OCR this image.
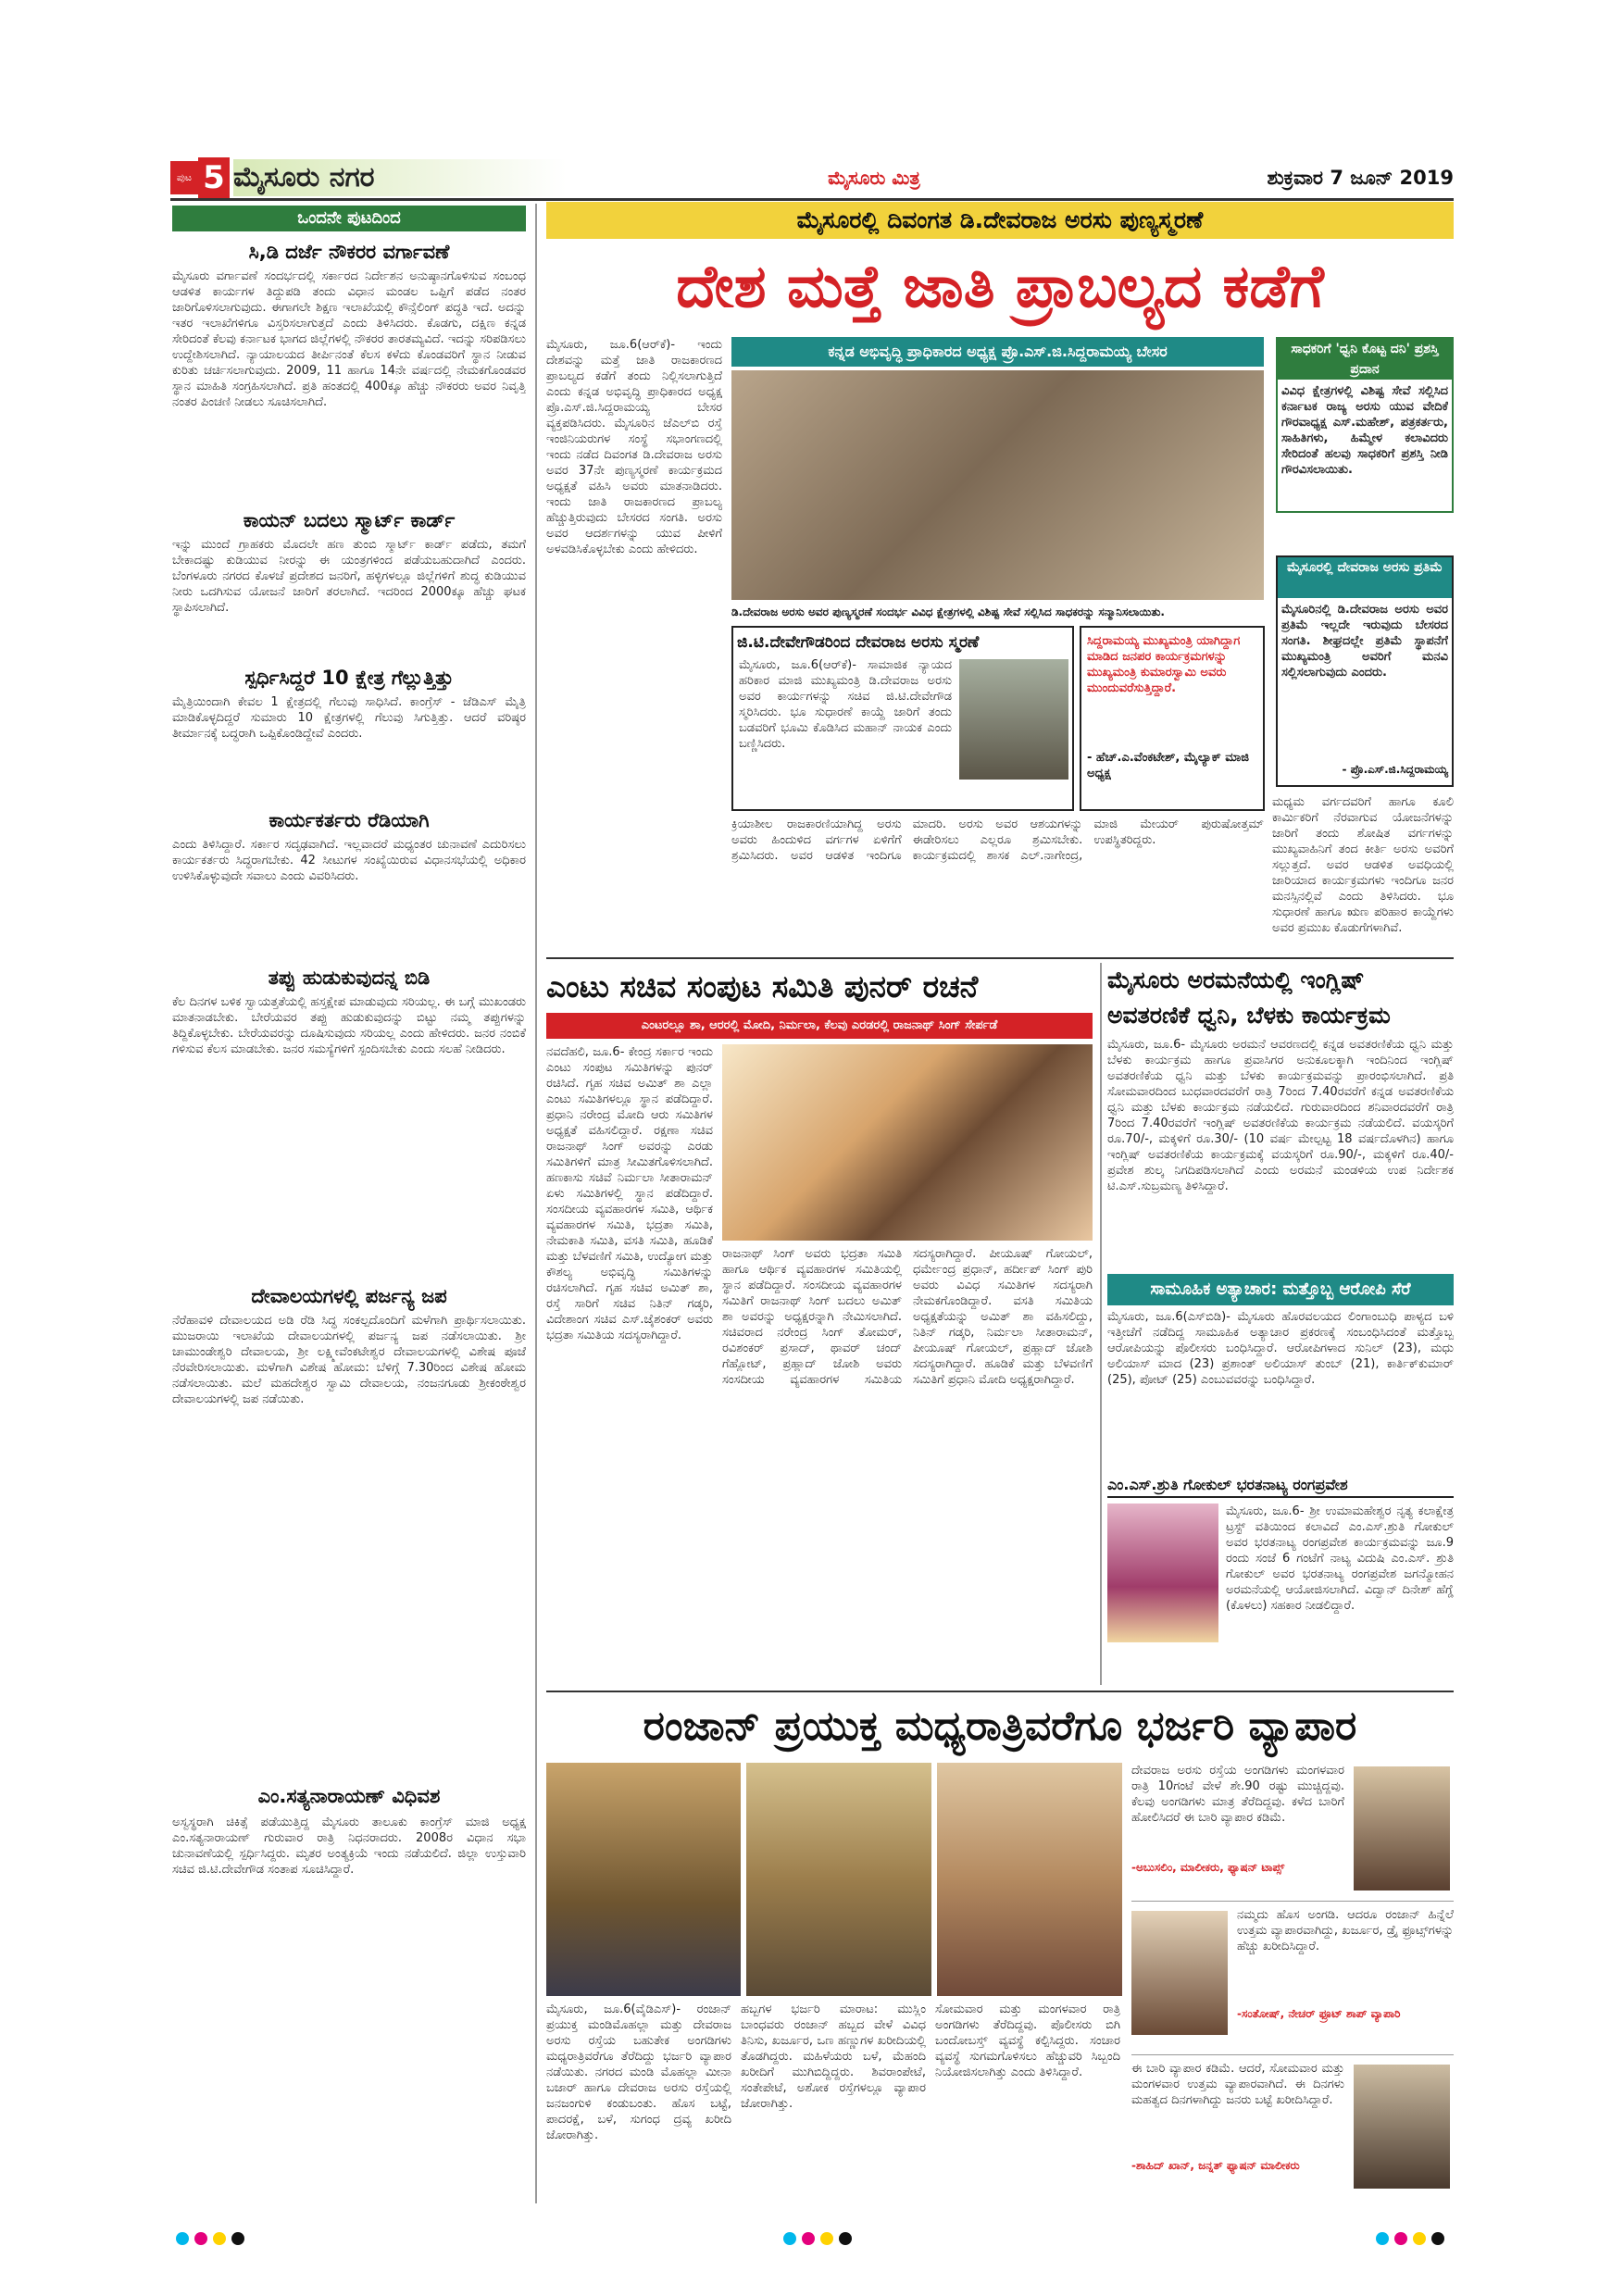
ಪುಟ 5 ಮೈಸೂರು ನಗರ	ಮೈಸೂರು ಮಿತ್ರ	ಶುಕ್ರವಾರ 7 ಜೂನ್ 2019
ಒಂದನೇ ಪುಟದಿಂದ
ಸಿ,ಡಿ ದರ್ಜೆ ನೌಕರರ ವರ್ಗಾವಣೆ
ಮೈಸೂರು ವರ್ಗಾವಣೆ ಸಂದರ್ಭದಲ್ಲಿ ಸರ್ಕಾರದ ನಿರ್ದೇಶನ ಅನುಷ್ಠಾನಗೊಳಿಸುವ ಸಂಬಂಧ ಆಡಳಿತ ಕಾರ್ಯಗಳ ತಿದ್ದುಪಡಿ ತಂದು ವಿಧಾನ ಮಂಡಲ ಒಪ್ಪಿಗೆ ಪಡೆದ ನಂತರ ಜಾರಿಗೊಳಿಸಲಾಗುವುದು. ಈಗಾಗಲೇ ಶಿಕ್ಷಣ ಇಲಾಖೆಯಲ್ಲಿ ಕೌನ್ಸೆಲಿಂಗ್ ಪದ್ಧತಿ ಇದೆ. ಅದನ್ನು ಇತರ ಇಲಾಖೆಗಳಿಗೂ ವಿಸ್ತರಿಸಲಾಗುತ್ತದೆ ಎಂದು ತಿಳಿಸಿದರು. ಕೊಡಗು, ದಕ್ಷಿಣ ಕನ್ನಡ ಸೇರಿದಂತೆ ಕೆಲವು ಕರ್ನಾಟಕ ಭಾಗದ ಜಿಲ್ಲೆಗಳಲ್ಲಿ ನೌಕರರ ತಾರತಮ್ಯವಿದೆ. ಇದನ್ನು ಸರಿಪಡಿಸಲು ಉದ್ದೇಶಿಸಲಾಗಿದೆ. ನ್ಯಾಯಾಲಯದ ತೀರ್ಪಿನಂತೆ ಕೆಲಸ ಕಳೆದು ಕೊಂಡವರಿಗೆ ಸ್ಥಾನ ನೀಡುವ ಕುರಿತು ಚರ್ಚಿಸಲಾಗುವುದು. 2009, 11 ಹಾಗೂ 14ನೇ ವರ್ಷದಲ್ಲಿ ನೇಮಕಗೊಂಡವರ ಸ್ಥಾನ ಮಾಹಿತಿ ಸಂಗ್ರಹಿಸಲಾಗಿದೆ. ಪ್ರತಿ ಹಂತದಲ್ಲಿ 400ಕ್ಕೂ ಹೆಚ್ಚು ನೌಕರರು ಅವರ ನಿವೃತ್ತಿ ನಂತರ ಪಿಂಚಣಿ ನೀಡಲು ಸೂಚಿಸಲಾಗಿದೆ.
ಕಾಯನ್ ಬದಲು ಸ್ಮಾರ್ಟ್ ಕಾರ್ಡ್
ಇನ್ನು ಮುಂದೆ ಗ್ರಾಹಕರು ಮೊದಲೇ ಹಣ ತುಂಬಿ ಸ್ಮಾರ್ಟ್ ಕಾರ್ಡ್ ಪಡೆದು, ತಮಗೆ ಬೇಕಾದಷ್ಟು ಕುಡಿಯುವ ನೀರನ್ನು ಈ ಯಂತ್ರಗಳಿಂದ ಪಡೆಯಬಹುದಾಗಿದೆ ಎಂದರು. ಬೆಂಗಳೂರು ನಗರದ ಕೊಳಚೆ ಪ್ರದೇಶದ ಜನರಿಗೆ, ಹಳ್ಳಿಗಳಲ್ಲೂ ಜಿಲ್ಲೆಗಳಿಗೆ ಶುದ್ಧ ಕುಡಿಯುವ ನೀರು ಒದಗಿಸುವ ಯೋಜನೆ ಜಾರಿಗೆ ತರಲಾಗಿದೆ. ಇದರಿಂದ 2000ಕ್ಕೂ ಹೆಚ್ಚು ಘಟಕ ಸ್ಥಾಪಿಸಲಾಗಿದೆ.
ಸ್ಪರ್ಧಿಸಿದ್ದರೆ 10 ಕ್ಷೇತ್ರ ಗೆಲ್ಲುತ್ತಿತ್ತು
ಮೈತ್ರಿಯಿಂದಾಗಿ ಕೇವಲ 1 ಕ್ಷೇತ್ರದಲ್ಲಿ ಗೆಲುವು ಸಾಧಿಸಿದೆ. ಕಾಂಗ್ರೆಸ್ - ಜೆಡಿಎಸ್ ಮೈತ್ರಿ ಮಾಡಿಕೊಳ್ಳದಿದ್ದರೆ ಸುಮಾರು 10 ಕ್ಷೇತ್ರಗಳಲ್ಲಿ ಗೆಲುವು ಸಿಗುತ್ತಿತ್ತು. ಆದರೆ ವರಿಷ್ಠರ ತೀರ್ಮಾನಕ್ಕೆ ಬದ್ಧರಾಗಿ ಒಪ್ಪಿಕೊಂಡಿದ್ದೇವೆ ಎಂದರು.
ಕಾರ್ಯಕರ್ತರು ರೆಡಿಯಾಗಿ
ಎಂದು ತಿಳಿಸಿದ್ದಾರೆ. ಸರ್ಕಾರ ಸದೃಢವಾಗಿದೆ. ಇಲ್ಲವಾದರೆ ಮಧ್ಯಂತರ ಚುನಾವಣೆ ಎದುರಿಸಲು ಕಾರ್ಯಕರ್ತರು ಸಿದ್ಧರಾಗಬೇಕು. 42 ಸೀಟುಗಳ ಸಂಖ್ಯೆಯಿರುವ ವಿಧಾನಸಭೆಯಲ್ಲಿ ಅಧಿಕಾರ ಉಳಿಸಿಕೊಳ್ಳುವುದೇ ಸವಾಲು ಎಂದು ವಿವರಿಸಿದರು.
ತಪ್ಪು ಹುಡುಕುವುದನ್ನ ಬಿಡಿ
ಕೆಲ ದಿನಗಳ ಬಳಿಕ ಸ್ವಾಯತ್ತತೆಯಲ್ಲಿ ಹಸ್ತಕ್ಷೇಪ ಮಾಡುವುದು ಸರಿಯಲ್ಲ. ಈ ಬಗ್ಗೆ ಮುಖಂಡರು ಮಾತನಾಡಬೇಕು. ಬೇರೆಯವರ ತಪ್ಪು ಹುಡುಕುವುದನ್ನು ಬಿಟ್ಟು ನಮ್ಮ ತಪ್ಪುಗಳನ್ನು ತಿದ್ದಿಕೊಳ್ಳಬೇಕು. ಬೇರೆಯವರನ್ನು ದೂಷಿಸುವುದು ಸರಿಯಲ್ಲ ಎಂದು ಹೇಳಿದರು. ಜನರ ನಂಬಿಕೆ ಗಳಿಸುವ ಕೆಲಸ ಮಾಡಬೇಕು. ಜನರ ಸಮಸ್ಯೆಗಳಿಗೆ ಸ್ಪಂದಿಸಬೇಕು ಎಂದು ಸಲಹೆ ನೀಡಿದರು.
ದೇವಾಲಯಗಳಲ್ಲಿ ಪರ್ಜನ್ಯ ಜಪ
ನೆರೆಹಾವಳಿ ದೇವಾಲಯದ ಅಡಿ ರೆಡಿ ಸಿದ್ಧ ಸಂಕಲ್ಪದೊಂದಿಗೆ ಮಳೆಗಾಗಿ ಪ್ರಾರ್ಥಿಸಲಾಯಿತು. ಮುಜರಾಯಿ ಇಲಾಖೆಯ ದೇವಾಲಯಗಳಲ್ಲಿ ಪರ್ಜನ್ಯ ಜಪ ನಡೆಸಲಾಯಿತು. ಶ್ರೀ ಚಾಮುಂಡೇಶ್ವರಿ ದೇವಾಲಯ, ಶ್ರೀ ಲಕ್ಷ್ಮೀವೆಂಕಟೇಶ್ವರ ದೇವಾಲಯಗಳಲ್ಲಿ ವಿಶೇಷ ಪೂಜೆ ನೆರವೇರಿಸಲಾಯಿತು. ಮಳೆಗಾಗಿ ವಿಶೇಷ ಹೋಮ: ಬೆಳಿಗ್ಗೆ 7.30ರಿಂದ ವಿಶೇಷ ಹೋಮ ನಡೆಸಲಾಯಿತು. ಮಲೆ ಮಹದೇಶ್ವರ ಸ್ವಾಮಿ ದೇವಾಲಯ, ನಂಜನಗೂಡು ಶ್ರೀಕಂಠೇಶ್ವರ ದೇವಾಲಯಗಳಲ್ಲಿ ಜಪ ನಡೆಯಿತು.
ಎಂ.ಸತ್ಯನಾರಾಯಣ್ ವಿಧಿವಶ
ಅಸ್ವಸ್ಥರಾಗಿ ಚಿಕಿತ್ಸೆ ಪಡೆಯುತ್ತಿದ್ದ ಮೈಸೂರು ತಾಲೂಕು ಕಾಂಗ್ರೆಸ್ ಮಾಜಿ ಅಧ್ಯಕ್ಷ ಎಂ.ಸತ್ಯನಾರಾಯಣ್ ಗುರುವಾರ ರಾತ್ರಿ ನಿಧನರಾದರು. 2008ರ ವಿಧಾನ ಸಭಾ ಚುನಾವಣೆಯಲ್ಲಿ ಸ್ಪರ್ಧಿಸಿದ್ದರು. ಮೃತರ ಅಂತ್ಯಕ್ರಿಯೆ ಇಂದು ನಡೆಯಲಿದೆ. ಜಿಲ್ಲಾ ಉಸ್ತುವಾರಿ ಸಚಿವ ಜಿ.ಟಿ.ದೇವೇಗೌಡ ಸಂತಾಪ ಸೂಚಿಸಿದ್ದಾರೆ.
ಮೈಸೂರಲ್ಲಿ ದಿವಂಗತ ಡಿ.ದೇವರಾಜ ಅರಸು ಪುಣ್ಯಸ್ಮರಣೆ
ದೇಶ ಮತ್ತೆ ಜಾತಿ ಪ್ರಾಬಲ್ಯದ ಕಡೆಗೆ
ಮೈಸೂರು, ಜೂ.6(ಆರ್‌ಕೆ)- ಇಂದು ದೇಶವನ್ನು ಮತ್ತೆ ಜಾತಿ ರಾಜಕಾರಣದ ಪ್ರಾಬಲ್ಯದ ಕಡೆಗೆ ತಂದು ನಿಲ್ಲಿಸಲಾಗುತ್ತಿದೆ ಎಂದು ಕನ್ನಡ ಅಭಿವೃದ್ಧಿ ಪ್ರಾಧಿಕಾರದ ಅಧ್ಯಕ್ಷ ಪ್ರೊ.ಎಸ್.ಜಿ.ಸಿದ್ದರಾಮಯ್ಯ ಬೇಸರ ವ್ಯಕ್ತಪಡಿಸಿದರು. ಮೈಸೂರಿನ ಜೆಎಲ್‌ಬಿ ರಸ್ತೆ ಇಂಜಿನಿಯರುಗಳ ಸಂಸ್ಥೆ ಸಭಾಂಗಣದಲ್ಲಿ ಇಂದು ನಡೆದ ದಿವಂಗತ ಡಿ.ದೇವರಾಜ ಅರಸು ಅವರ 37ನೇ ಪುಣ್ಯಸ್ಮರಣೆ ಕಾರ್ಯಕ್ರಮದ ಅಧ್ಯಕ್ಷತೆ ವಹಿಸಿ ಅವರು ಮಾತನಾಡಿದರು. ಇಂದು ಜಾತಿ ರಾಜಕಾರಣದ ಪ್ರಾಬಲ್ಯ ಹೆಚ್ಚುತ್ತಿರುವುದು ಬೇಸರದ ಸಂಗತಿ. ಅರಸು ಅವರ ಆದರ್ಶಗಳನ್ನು ಯುವ ಪೀಳಿಗೆ ಅಳವಡಿಸಿಕೊಳ್ಳಬೇಕು ಎಂದು ಹೇಳಿದರು.
ಕನ್ನಡ ಅಭಿವೃದ್ಧಿ ಪ್ರಾಧಿಕಾರದ ಅಧ್ಯಕ್ಷ ಪ್ರೊ.ಎಸ್.ಜಿ.ಸಿದ್ದರಾಮಯ್ಯ ಬೇಸರ
ಡಿ.ದೇವರಾಜ ಅರಸು ಅವರ ಪುಣ್ಯಸ್ಮರಣೆ ಸಂದರ್ಭ ವಿವಿಧ ಕ್ಷೇತ್ರಗಳಲ್ಲಿ ವಿಶಿಷ್ಟ ಸೇವೆ ಸಲ್ಲಿಸಿದ ಸಾಧಕರನ್ನು ಸನ್ಮಾನಿಸಲಾಯಿತು.
ಜಿ.ಟಿ.ದೇವೇಗೌಡರಿಂದ ದೇವರಾಜ ಅರಸು ಸ್ಮರಣೆ
ಮೈಸೂರು, ಜೂ.6(ಆರ್‌ಕೆ)- ಸಾಮಾಜಿಕ ನ್ಯಾಯದ ಹರಿಕಾರ ಮಾಜಿ ಮುಖ್ಯಮಂತ್ರಿ ಡಿ.ದೇವರಾಜ ಅರಸು ಅವರ ಕಾರ್ಯಗಳನ್ನು ಸಚಿವ ಜಿ.ಟಿ.ದೇವೇಗೌಡ ಸ್ಮರಿಸಿದರು. ಭೂ ಸುಧಾರಣೆ ಕಾಯ್ದೆ ಜಾರಿಗೆ ತಂದು ಬಡವರಿಗೆ ಭೂಮಿ ಕೊಡಿಸಿದ ಮಹಾನ್ ನಾಯಕ ಎಂದು ಬಣ್ಣಿಸಿದರು.
ಸಿದ್ದರಾಮಯ್ಯ ಮುಖ್ಯಮಂತ್ರಿ ಯಾಗಿದ್ದಾಗ ಮಾಡಿದ ಜನಪರ ಕಾರ್ಯಕ್ರಮಗಳನ್ನು ಮುಖ್ಯಮಂತ್ರಿ ಕುಮಾರಸ್ವಾಮಿ ಅವರು ಮುಂದುವರೆಸುತ್ತಿದ್ದಾರೆ.
- ಹೆಚ್.ಎ.ವೆಂಕಟೇಶ್, ಮೈಲ್ಯಾಕ್ ಮಾಜಿ ಅಧ್ಯಕ್ಷ
ಕ್ರಿಯಾಶೀಲ ರಾಜಕಾರಣಿಯಾಗಿದ್ದ ಅರಸು ಅವರು ಹಿಂದುಳಿದ ವರ್ಗಗಳ ಏಳಿಗೆಗೆ ಶ್ರಮಿಸಿದರು. ಅವರ ಆಡಳಿತ ಇಂದಿಗೂ ಮಾದರಿ. ಅರಸು ಅವರ ಆಶಯಗಳನ್ನು ಈಡೇರಿಸಲು ಎಲ್ಲರೂ ಶ್ರಮಿಸಬೇಕು. ಕಾರ್ಯಕ್ರಮದಲ್ಲಿ ಶಾಸಕ ಎಲ್.ನಾಗೇಂದ್ರ, ಮಾಜಿ ಮೇಯರ್ ಪುರುಷೋತ್ತಮ್ ಉಪಸ್ಥಿತರಿದ್ದರು.
ಮಧ್ಯಮ ವರ್ಗದವರಿಗೆ ಹಾಗೂ ಕೂಲಿ ಕಾರ್ಮಿಕರಿಗೆ ನೆರವಾಗುವ ಯೋಜನೆಗಳನ್ನು ಜಾರಿಗೆ ತಂದು ಶೋಷಿತ ವರ್ಗಗಳನ್ನು ಮುಖ್ಯವಾಹಿನಿಗೆ ತಂದ ಕೀರ್ತಿ ಅರಸು ಅವರಿಗೆ ಸಲ್ಲುತ್ತದೆ. ಅವರ ಆಡಳಿತ ಅವಧಿಯಲ್ಲಿ ಜಾರಿಯಾದ ಕಾರ್ಯಕ್ರಮಗಳು ಇಂದಿಗೂ ಜನರ ಮನಸ್ಸಿನಲ್ಲಿವೆ ಎಂದು ತಿಳಿಸಿದರು. ಭೂ ಸುಧಾರಣೆ ಹಾಗೂ ಋಣ ಪರಿಹಾರ ಕಾಯ್ದೆಗಳು ಅವರ ಪ್ರಮುಖ ಕೊಡುಗೆಗಳಾಗಿವೆ.
ಸಾಧಕರಿಗೆ 'ಧ್ವನಿ ಕೊಟ್ಟ ದನಿ' ಪ್ರಶಸ್ತಿ ಪ್ರದಾನ
ವಿವಿಧ ಕ್ಷೇತ್ರಗಳಲ್ಲಿ ವಿಶಿಷ್ಟ ಸೇವೆ ಸಲ್ಲಿಸಿದ ಕರ್ನಾಟಕ ರಾಜ್ಯ ಅರಸು ಯುವ ವೇದಿಕೆ ಗೌರವಾಧ್ಯಕ್ಷ ಎಸ್.ಮಹೇಶ್, ಪತ್ರಕರ್ತರು, ಸಾಹಿತಿಗಳು, ಹಿಮ್ಮೇಳ ಕಲಾವಿದರು ಸೇರಿದಂತೆ ಹಲವು ಸಾಧಕರಿಗೆ ಪ್ರಶಸ್ತಿ ನೀಡಿ ಗೌರವಿಸಲಾಯಿತು.
ಮೈಸೂರಲ್ಲಿ ದೇವರಾಜ ಅರಸು ಪ್ರತಿಮೆ
ಮೈಸೂರಿನಲ್ಲಿ ಡಿ.ದೇವರಾಜ ಅರಸು ಅವರ ಪ್ರತಿಮೆ ಇಲ್ಲದೇ ಇರುವುದು ಬೇಸರದ ಸಂಗತಿ. ಶೀಘ್ರದಲ್ಲೇ ಪ್ರತಿಮೆ ಸ್ಥಾಪನೆಗೆ ಮುಖ್ಯಮಂತ್ರಿ ಅವರಿಗೆ ಮನವಿ ಸಲ್ಲಿಸಲಾಗುವುದು ಎಂದರು.
- ಪ್ರೊ.ಎಸ್.ಜಿ.ಸಿದ್ದರಾಮಯ್ಯ
ಎಂಟು ಸಚಿವ ಸಂಪುಟ ಸಮಿತಿ ಪುನರ್ ರಚನೆ
ಎಂಟರಲ್ಲೂ ಶಾ, ಆರರಲ್ಲಿ ಮೋದಿ, ನಿರ್ಮಲಾ, ಕೆಲವು ಎರಡರಲ್ಲಿ ರಾಜನಾಥ್ ಸಿಂಗ್ ಸೇರ್ಪಡೆ
ನವದೆಹಲಿ, ಜೂ.6- ಕೇಂದ್ರ ಸರ್ಕಾರ ಇಂದು ಎಂಟು ಸಂಪುಟ ಸಮಿತಿಗಳನ್ನು ಪುನರ್ ರಚಿಸಿದೆ. ಗೃಹ ಸಚಿವ ಅಮಿತ್ ಶಾ ಎಲ್ಲಾ ಎಂಟು ಸಮಿತಿಗಳಲ್ಲೂ ಸ್ಥಾನ ಪಡೆದಿದ್ದಾರೆ. ಪ್ರಧಾನಿ ನರೇಂದ್ರ ಮೋದಿ ಆರು ಸಮಿತಿಗಳ ಅಧ್ಯಕ್ಷತೆ ವಹಿಸಲಿದ್ದಾರೆ. ರಕ್ಷಣಾ ಸಚಿವ ರಾಜನಾಥ್ ಸಿಂಗ್ ಅವರನ್ನು ಎರಡು ಸಮಿತಿಗಳಿಗೆ ಮಾತ್ರ ಸೀಮಿತಗೊಳಿಸಲಾಗಿದೆ. ಹಣಕಾಸು ಸಚಿವೆ ನಿರ್ಮಲಾ ಸೀತಾರಾಮನ್ ಏಳು ಸಮಿತಿಗಳಲ್ಲಿ ಸ್ಥಾನ ಪಡೆದಿದ್ದಾರೆ. ಸಂಸದೀಯ ವ್ಯವಹಾರಗಳ ಸಮಿತಿ, ಆರ್ಥಿಕ ವ್ಯವಹಾರಗಳ ಸಮಿತಿ, ಭದ್ರತಾ ಸಮಿತಿ, ನೇಮಕಾತಿ ಸಮಿತಿ, ವಸತಿ ಸಮಿತಿ, ಹೂಡಿಕೆ ಮತ್ತು ಬೆಳವಣಿಗೆ ಸಮಿತಿ, ಉದ್ಯೋಗ ಮತ್ತು ಕೌಶಲ್ಯ ಅಭಿವೃದ್ಧಿ ಸಮಿತಿಗಳನ್ನು ರಚಿಸಲಾಗಿದೆ. ಗೃಹ ಸಚಿವ ಅಮಿತ್ ಶಾ, ರಸ್ತೆ ಸಾರಿಗೆ ಸಚಿವ ನಿತಿನ್ ಗಡ್ಕರಿ, ವಿದೇಶಾಂಗ ಸಚಿವ ಎಸ್.ಜೈಶಂಕರ್ ಅವರು ಭದ್ರತಾ ಸಮಿತಿಯ ಸದಸ್ಯರಾಗಿದ್ದಾರೆ.
ರಾಜನಾಥ್ ಸಿಂಗ್ ಅವರು ಭದ್ರತಾ ಸಮಿತಿ ಹಾಗೂ ಆರ್ಥಿಕ ವ್ಯವಹಾರಗಳ ಸಮಿತಿಯಲ್ಲಿ ಸ್ಥಾನ ಪಡೆದಿದ್ದಾರೆ. ಸಂಸದೀಯ ವ್ಯವಹಾರಗಳ ಸಮಿತಿಗೆ ರಾಜನಾಥ್ ಸಿಂಗ್ ಬದಲು ಅಮಿತ್ ಶಾ ಅವರನ್ನು ಅಧ್ಯಕ್ಷರನ್ನಾಗಿ ನೇಮಿಸಲಾಗಿದೆ. ಸಚಿವರಾದ ನರೇಂದ್ರ ಸಿಂಗ್ ತೋಮರ್, ರವಿಶಂಕರ್ ಪ್ರಸಾದ್, ಥಾವರ್ ಚಂದ್ ಗೆಹ್ಲೋಟ್, ಪ್ರಹ್ಲಾದ್ ಜೋಶಿ ಅವರು ಸಂಸದೀಯ ವ್ಯವಹಾರಗಳ ಸಮಿತಿಯ ಸದಸ್ಯರಾಗಿದ್ದಾರೆ. ಪೀಯೂಷ್ ಗೋಯಲ್, ಧರ್ಮೇಂದ್ರ ಪ್ರಧಾನ್, ಹರ್ದೀಪ್ ಸಿಂಗ್ ಪುರಿ ಅವರು ವಿವಿಧ ಸಮಿತಿಗಳ ಸದಸ್ಯರಾಗಿ ನೇಮಕಗೊಂಡಿದ್ದಾರೆ. ವಸತಿ ಸಮಿತಿಯ ಅಧ್ಯಕ್ಷತೆಯನ್ನು ಅಮಿತ್ ಶಾ ವಹಿಸಲಿದ್ದು, ನಿತಿನ್ ಗಡ್ಕರಿ, ನಿರ್ಮಲಾ ಸೀತಾರಾಮನ್, ಪೀಯೂಷ್ ಗೋಯಲ್, ಪ್ರಹ್ಲಾದ್ ಜೋಶಿ ಸದಸ್ಯರಾಗಿದ್ದಾರೆ. ಹೂಡಿಕೆ ಮತ್ತು ಬೆಳವಣಿಗೆ ಸಮಿತಿಗೆ ಪ್ರಧಾನಿ ಮೋದಿ ಅಧ್ಯಕ್ಷರಾಗಿದ್ದಾರೆ.
ಮೈಸೂರು ಅರಮನೆಯಲ್ಲಿ ಇಂಗ್ಲಿಷ್ ಅವತರಣಿಕೆ ಧ್ವನಿ, ಬೆಳಕು ಕಾರ್ಯಕ್ರಮ
ಮೈಸೂರು, ಜೂ.6- ಮೈಸೂರು ಅರಮನೆ ಆವರಣದಲ್ಲಿ ಕನ್ನಡ ಅವತರಣಿಕೆಯ ಧ್ವನಿ ಮತ್ತು ಬೆಳಕು ಕಾರ್ಯಕ್ರಮ ಹಾಗೂ ಪ್ರವಾಸಿಗರ ಅನುಕೂಲಕ್ಕಾಗಿ ಇಂದಿನಿಂದ ಇಂಗ್ಲಿಷ್ ಅವತರಣಿಕೆಯ ಧ್ವನಿ ಮತ್ತು ಬೆಳಕು ಕಾರ್ಯಕ್ರಮವನ್ನು ಪ್ರಾರಂಭಿಸಲಾಗಿದೆ. ಪ್ರತಿ ಸೋಮವಾರದಿಂದ ಬುಧವಾರದವರೆಗೆ ರಾತ್ರಿ 7ರಿಂದ 7.40ರವರೆಗೆ ಕನ್ನಡ ಅವತರಣಿಕೆಯ ಧ್ವನಿ ಮತ್ತು ಬೆಳಕು ಕಾರ್ಯಕ್ರಮ ನಡೆಯಲಿದೆ. ಗುರುವಾರದಿಂದ ಶನಿವಾರದವರೆಗೆ ರಾತ್ರಿ 7ರಿಂದ 7.40ರವರೆಗೆ ಇಂಗ್ಲಿಷ್ ಅವತರಣಿಕೆಯ ಕಾರ್ಯಕ್ರಮ ನಡೆಯಲಿದೆ. ವಯಸ್ಕರಿಗೆ ರೂ.70/-, ಮಕ್ಕಳಿಗೆ ರೂ.30/- (10 ವರ್ಷ ಮೇಲ್ಪಟ್ಟ 18 ವರ್ಷದೊಳಗಿನ) ಹಾಗೂ ಇಂಗ್ಲಿಷ್ ಅವತರಣಿಕೆಯ ಕಾರ್ಯಕ್ರಮಕ್ಕೆ ವಯಸ್ಕರಿಗೆ ರೂ.90/-, ಮಕ್ಕಳಿಗೆ ರೂ.40/- ಪ್ರವೇಶ ಶುಲ್ಕ ನಿಗದಿಪಡಿಸಲಾಗಿದೆ ಎಂದು ಅರಮನೆ ಮಂಡಳಿಯ ಉಪ ನಿರ್ದೇಶಕ ಟಿ.ಎಸ್.ಸುಬ್ರಮಣ್ಯ ತಿಳಿಸಿದ್ದಾರೆ.
ಸಾಮೂಹಿಕ ಅತ್ಯಾಚಾರ: ಮತ್ತೊಬ್ಬ ಆರೋಪಿ ಸೆರೆ
ಮೈಸೂರು, ಜೂ.6(ಎಸ್‌ಬಿಡಿ)- ಮೈಸೂರು ಹೊರವಲಯದ ಲಿಂಗಾಂಬುಧಿ ಪಾಳ್ಯದ ಬಳಿ ಇತ್ತೀಚೆಗೆ ನಡೆದಿದ್ದ ಸಾಮೂಹಿಕ ಅತ್ಯಾಚಾರ ಪ್ರಕರಣಕ್ಕೆ ಸಂಬಂಧಿಸಿದಂತೆ ಮತ್ತೊಬ್ಬ ಆರೋಪಿಯನ್ನು ಪೊಲೀಸರು ಬಂಧಿಸಿದ್ದಾರೆ. ಆರೋಪಿಗಳಾದ ಸುನಿಲ್ (23), ಮಧು ಅಲಿಯಾಸ್ ಮಾದ (23) ಪ್ರಶಾಂತ್ ಅಲಿಯಾಸ್ ತುಂಬ್ (21), ಕಾರ್ತಿಕ್‌ಕುಮಾರ್ (25), ಪೋಟ್ (25) ಎಂಬುವವರನ್ನು ಬಂಧಿಸಿದ್ದಾರೆ.
ಎಂ.ಎಸ್.ಶ್ರುತಿ ಗೋಕುಲ್ ಭರತನಾಟ್ಯ ರಂಗಪ್ರವೇಶ
ಮೈಸೂರು, ಜೂ.6- ಶ್ರೀ ಉಮಾಮಹೇಶ್ವರ ನೃತ್ಯ ಕಲಾಕ್ಷೇತ್ರ ಟ್ರಸ್ಟ್ ವತಿಯಿಂದ ಕಲಾವಿದೆ ಎಂ.ಎಸ್.ಶ್ರುತಿ ಗೋಕುಲ್ ಅವರ ಭರತನಾಟ್ಯ ರಂಗಪ್ರವೇಶ ಕಾರ್ಯಕ್ರಮವನ್ನು ಜೂ.9 ರಂದು ಸಂಜೆ 6 ಗಂಟೆಗೆ ನಾಟ್ಯ ವಿದುಷಿ ಎಂ.ಎಸ್. ಶ್ರುತಿ ಗೋಕುಲ್ ಅವರ ಭರತನಾಟ್ಯ ರಂಗಪ್ರವೇಶ ಜಗನ್ಮೋಹನ ಅರಮನೆಯಲ್ಲಿ ಆಯೋಜಿಸಲಾಗಿದೆ. ವಿದ್ವಾನ್ ದಿನೇಶ್ ಹೆಗ್ಡೆ (ಕೊಳಲು) ಸಹಕಾರ ನೀಡಲಿದ್ದಾರೆ.
ರಂಜಾನ್ ಪ್ರಯುಕ್ತ ಮಧ್ಯರಾತ್ರಿವರೆಗೂ ಭರ್ಜರಿ ವ್ಯಾಪಾರ
ಮೈಸೂರು, ಜೂ.6(ವೈಡಿಎಸ್)- ರಂಜಾನ್ ಪ್ರಯುಕ್ತ ಮಂಡಿಮೊಹಲ್ಲಾ ಮತ್ತು ದೇವರಾಜ ಅರಸು ರಸ್ತೆಯ ಬಹುತೇಕ ಅಂಗಡಿಗಳು ಮಧ್ಯರಾತ್ರಿವರೆಗೂ ತೆರೆದಿದ್ದು ಭರ್ಜರಿ ವ್ಯಾಪಾರ ನಡೆಯಿತು. ನಗರದ ಮಂಡಿ ಮೊಹಲ್ಲಾ ಮೀನಾ ಬಜಾರ್ ಹಾಗೂ ದೇವರಾಜ ಅರಸು ರಸ್ತೆಯಲ್ಲಿ ಜನಜಂಗುಳಿ ಕಂಡುಬಂತು. ಹೊಸ ಬಟ್ಟೆ, ಪಾದರಕ್ಷೆ, ಬಳೆ, ಸುಗಂಧ ದ್ರವ್ಯ ಖರೀದಿ ಜೋರಾಗಿತ್ತು.
ಹಬ್ಬಗಳ ಭರ್ಜರಿ ಮಾರಾಟ: ಮುಸ್ಲಿಂ ಬಾಂಧವರು ರಂಜಾನ್ ಹಬ್ಬದ ವೇಳೆ ವಿವಿಧ ತಿನಿಸು, ಖರ್ಜೂರ, ಒಣ ಹಣ್ಣುಗಳ ಖರೀದಿಯಲ್ಲಿ ತೊಡಗಿದ್ದರು. ಮಹಿಳೆಯರು ಬಳೆ, ಮೆಹಂದಿ ಖರೀದಿಗೆ ಮುಗಿಬಿದ್ದಿದ್ದರು. ಶಿವರಾಂಪೇಟೆ, ಸಂತೇಪೇಟೆ, ಅಶೋಕ ರಸ್ತೆಗಳಲ್ಲೂ ವ್ಯಾಪಾರ ಜೋರಾಗಿತ್ತು.
ಸೋಮವಾರ ಮತ್ತು ಮಂಗಳವಾರ ರಾತ್ರಿ ಅಂಗಡಿಗಳು ತೆರೆದಿದ್ದವು. ಪೊಲೀಸರು ಬಿಗಿ ಬಂದೋಬಸ್ತ್ ವ್ಯವಸ್ಥೆ ಕಲ್ಪಿಸಿದ್ದರು. ಸಂಚಾರ ವ್ಯವಸ್ಥೆ ಸುಗಮಗೊಳಿಸಲು ಹೆಚ್ಚುವರಿ ಸಿಬ್ಬಂದಿ ನಿಯೋಜಿಸಲಾಗಿತ್ತು ಎಂದು ತಿಳಿಸಿದ್ದಾರೆ.
ದೇವರಾಜ ಅರಸು ರಸ್ತೆಯ ಅಂಗಡಿಗಳು ಮಂಗಳವಾರ ರಾತ್ರಿ 10ಗಂಟೆ ವೇಳೆ ಶೇ.90 ರಷ್ಟು ಮುಚ್ಚಿದ್ದವು. ಕೆಲವು ಅಂಗಡಿಗಳು ಮಾತ್ರ ತೆರೆದಿದ್ದವು. ಕಳೆದ ಬಾರಿಗೆ ಹೋಲಿಸಿದರೆ ಈ ಬಾರಿ ವ್ಯಾಪಾರ ಕಡಿಮೆ.
-ಅಬುಸಲಿಂ, ಮಾಲೀಕರು, ಫ್ಯಾಷನ್ ಟಾಪ್ಸ್
ನಮ್ಮದು ಹೊಸ ಅಂಗಡಿ. ಆದರೂ ರಂಜಾನ್ ಹಿನ್ನೆಲೆ ಉತ್ತಮ ವ್ಯಾಪಾರವಾಗಿದ್ದು, ಖರ್ಜೂರ, ಡ್ರೈ ಫ್ರೂಟ್ಸ್‌ಗಳನ್ನು ಹೆಚ್ಚು ಖರೀದಿಸಿದ್ದಾರೆ.
-ಸಂತೋಷ್, ನೇಚರ್ ಫ್ರೂಟ್ ಶಾಪ್ ವ್ಯಾಪಾರಿ
ಈ ಬಾರಿ ವ್ಯಾಪಾರ ಕಡಿಮೆ. ಆದರೆ, ಸೋಮವಾರ ಮತ್ತು ಮಂಗಳವಾರ ಉತ್ತಮ ವ್ಯಾಪಾರವಾಗಿದೆ. ಈ ದಿನಗಳು ಮಹತ್ವದ ದಿನಗಳಾಗಿದ್ದು ಜನರು ಬಟ್ಟೆ ಖರೀದಿಸಿದ್ದಾರೆ.
-ಶಾಹಿದ್ ಖಾನ್, ಜನ್ನತ್ ಫ್ಯಾಷನ್ ಮಾಲೀಕರು
